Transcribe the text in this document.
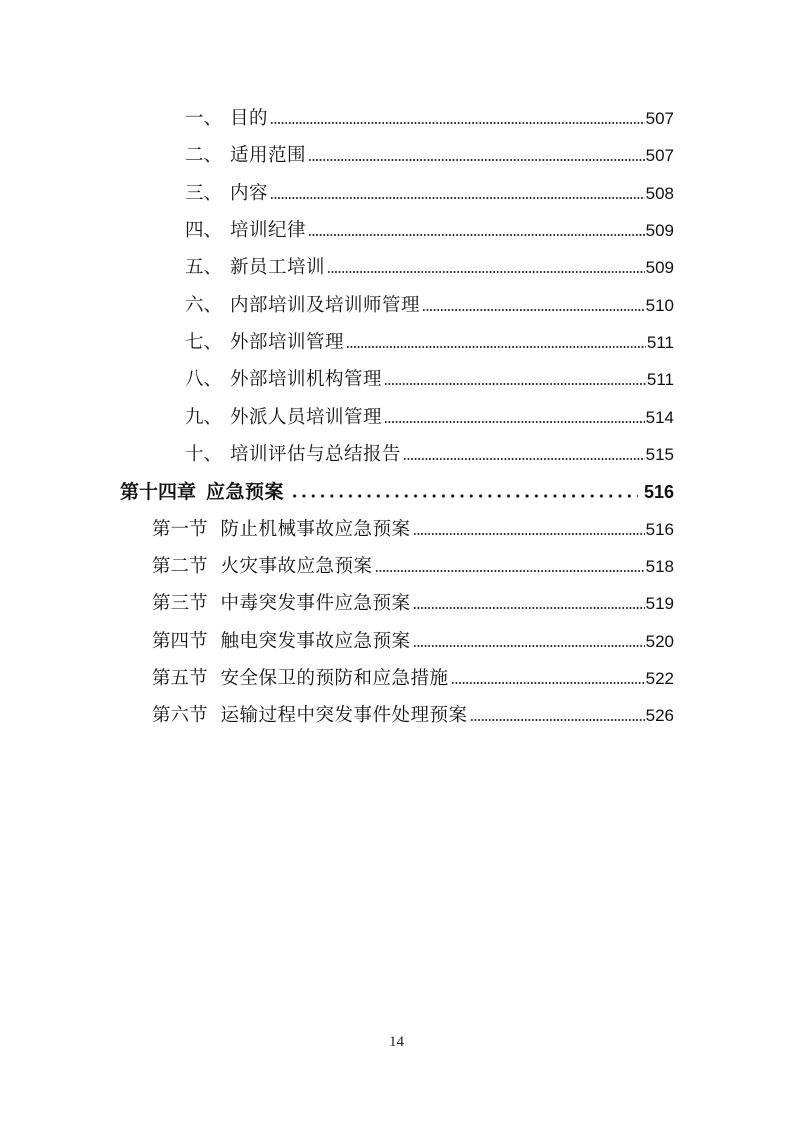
一、 目的	507
二、 适用范围	507
三、 内容	508
四、 培训纪律	509
五、 新员工培训	509
六、 内部培训及培训师管理	510
七、 外部培训管理	511
八、 外部培训机构管理	511
九、 外派人员培训管理	514
十、 培训评估与总结报告	515
第十四章 应急预案	516
第一节 防止机械事故应急预案	516
第二节 火灾事故应急预案	518
第三节 中毒突发事件应急预案	519
第四节 触电突发事故应急预案	520
第五节 安全保卫的预防和应急措施	522
第六节 运输过程中突发事件处理预案	526
14
